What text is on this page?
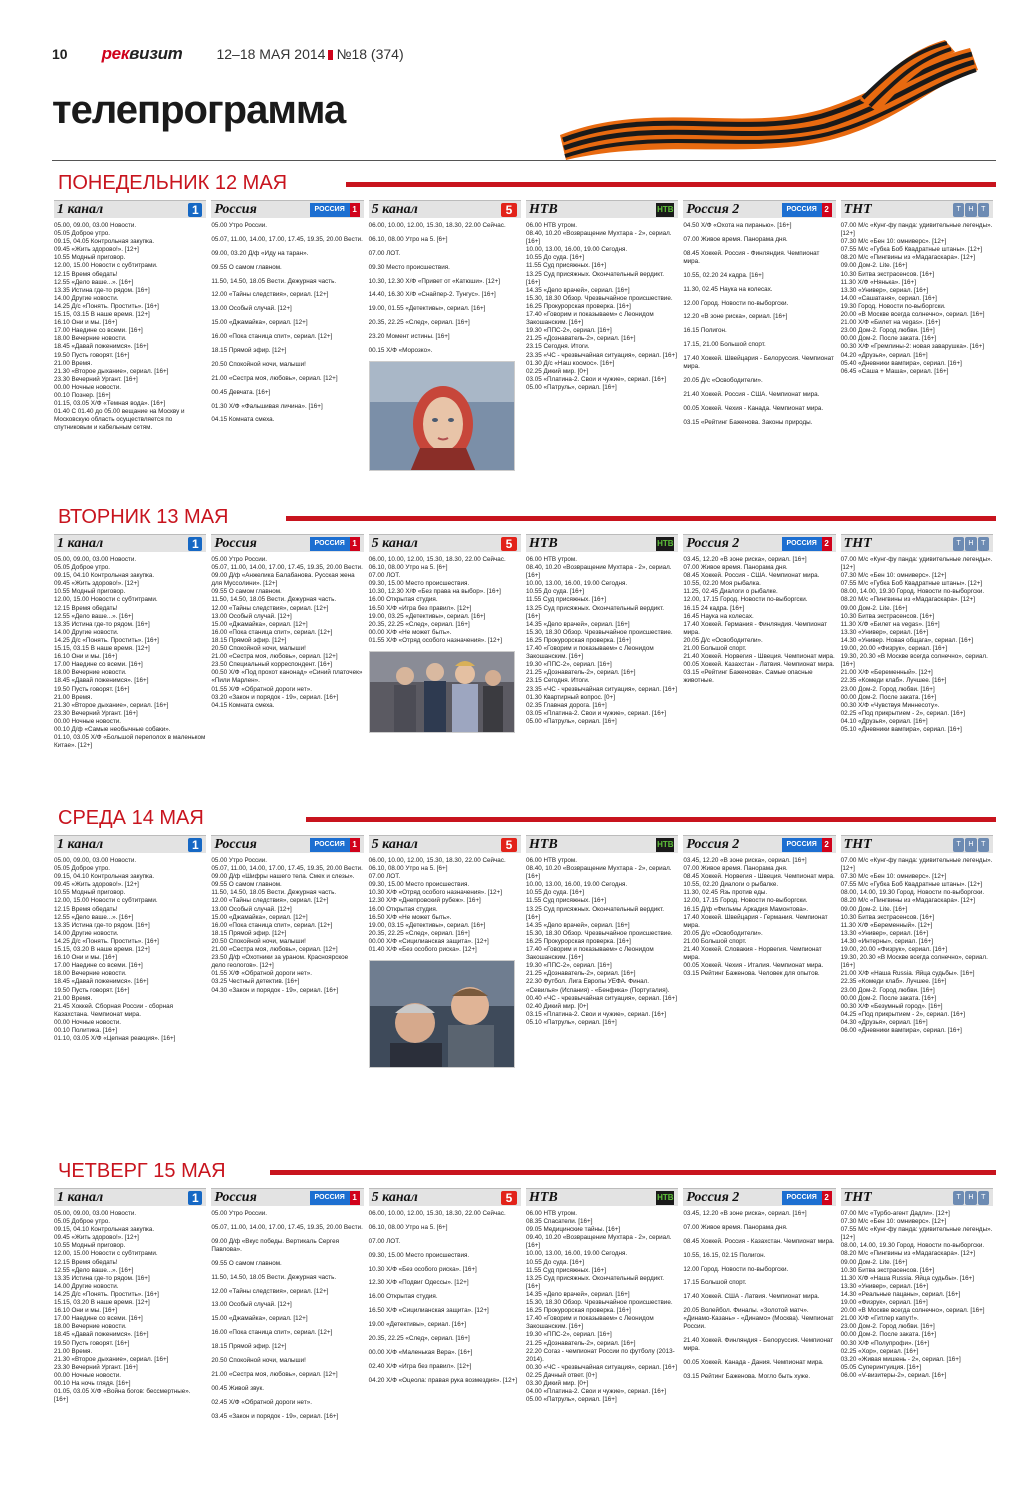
10 реквизит 12–18 МАЯ 2014 №18 (374)
телепрограмма
ПОНЕДЕЛЬНИК 12 МАЯ
1 канал	1
05.00, 09.00, 03.00 Новости.
05.05 Доброе утро.
09.15, 04.05 Контрольная закупка.
09.45 «Жить здорово!». [12+]
10.55 Модный приговор.
12.00, 15.00 Новости с субтитрами.
12.15 Время обедать!
12.55 «Дело ваше...». [16+]
13.35 Истина где-то рядом. [16+]
14.00 Другие новости.
14.25 Д/с «Понять. Простить». [16+]
15.15, 03.15 В наше время. [12+]
16.10 Они и мы. [16+]
17.00 Наедине со всеми. [16+]
18.00 Вечерние новости.
18.45 «Давай поженимся». [16+]
19.50 Пусть говорят. [16+]
21.00 Время.
21.30 «Второе дыхание», сериал. [16+]
23.30 Вечерний Ургант. [16+]
00.00 Ночные новости.
00.10 Познер. [16+]
01.15, 03.05 Х/Ф «Темная вода». [16+]
01.40 С 01.40 до 05.00 вещание на Москву и Московскую область осуществляется по спутниковым и кабельным сетям.
Россия	РОССИЯ 1
05.00 Утро России.
05.07, 11.00, 14.00, 17.00, 17.45, 19.35, 20.00 Вести.
09.00, 03.20 Д/ф «Иду на таран».
09.55 О самом главном.
11.50, 14.50, 18.05 Вести. Дежурная часть.
12.00 «Тайны следствия», сериал. [12+]
13.00 Особый случай. [12+]
15.00 «Джамайка», сериал. [12+]
16.00 «Пока станица спит», сериал. [12+]
18.15 Прямой эфир. [12+]
20.50 Спокойной ночи, малыши!
21.00 «Сестра моя, любовь», сериал. [12+]
00.45 Девчата. [16+]
01.30 Х/Ф «Фальшивая личина». [16+]
04.15 Комната смеха.
5 канал	5
06.00, 10.00, 12.00, 15.30, 18.30, 22.00 Сейчас.
06.10, 08.00 Утро на 5. [6+]
07.00 ЛОТ.
09.30 Место происшествия.
10.30, 12.30 Х/Ф «Привет от «Катюши». [12+]
14.40, 16.30 Х/Ф «Снайпер-2. Тунгус». [16+]
19.00, 01.55 «Детективы», сериал. [16+]
20.35, 22.25 «След», сериал. [16+]
23.20 Момент истины. [16+]
00.15 Х/Ф «Морозко».
НТВ	НТВ
06.00 НТВ утром.
08.40, 10.20 «Возвращение Мухтара - 2», сериал. [16+]
10.00, 13.00, 16.00, 19.00 Сегодня.
10.55 До суда. [16+]
11.55 Суд присяжных. [16+]
13.25 Суд присяжных. Окончательный вердикт. [16+]
14.35 «Дело врачей», сериал. [16+]
15.30, 18.30 Обзор. Чрезвычайное происшествие.
16.25 Прокурорская проверка. [16+]
17.40 «Говорим и показываем» с Леонидом Закошанским. [16+]
19.30 «ППС-2», сериал. [16+]
21.25 «Дознаватель-2», сериал. [16+]
23.15 Сегодня. Итоги.
23.35 «ЧС - чрезвычайная ситуация», сериал. [16+]
01.30 Д/с «Наш космос». [16+]
02.25 Дикий мир. [0+]
03.05 «Платина-2. Свои и чужие», сериал. [16+]
05.00 «Патруль», сериал. [16+]
Россия 2	РОССИЯ 2
04.50 Х/Ф «Охота на пиранью». [16+]
07.00 Живое время. Панорама дня.
08.45 Хоккей. Россия - Финляндия. Чемпионат мира.
10.55, 02.20 24 кадра. [16+]
11.30, 02.45 Наука на колесах.
12.00 Город. Новости по-выборгски.
12.20 «В зоне риска», сериал. [16+]
16.15 Полигон.
17.15, 21.00 Большой спорт.
17.40 Хоккей. Швейцария - Белоруссия. Чемпионат мира.
20.05 Д/с «Освободители».
21.40 Хоккей. Россия - США. Чемпионат мира.
00.05 Хоккей. Чехия - Канада. Чемпионат мира.
03.15 «Рейтинг Баженова. Законы природы.
ТНТ	Т	Н	Т
07.00 М/с «Кунг-фу панда: удивительные легенды». [12+]
07.30 М/с «Бен 10: омниверс». [12+]
07.55 М/с «Губка Боб Квадратные штаны». [12+]
08.20 М/с «Пингвины из «Мадагаскара». [12+]
09.00 Дом-2. Lite. [16+]
10.30 Битва экстрасенсов. [16+]
11.30 Х/Ф «Нянька». [16+]
13.30 «Универ», сериал. [16+]
14.00 «Сашатаня», сериал. [16+]
19.30 Город. Новости по-выборгски.
20.00 «В Москве всегда солнечно», сериал. [16+]
21.00 Х/Ф «Билет на vegas». [16+]
23.00 Дом-2. Город любви. [16+]
00.00 Дом-2. После заката. [16+]
00.30 Х/Ф «Гремлины-2: новая заварушка». [16+]
04.20 «Друзья», сериал. [16+]
05.40 «Дневники вампира», сериал. [16+]
06.45 «Саша + Маша», сериал. [16+]
ВТОРНИК 13 МАЯ
1 канал	1
05.00, 09.00, 03.00 Новости.
05.05 Доброе утро.
09.15, 04.10 Контрольная закупка.
09.45 «Жить здорово!». [12+]
10.55 Модный приговор.
12.00, 15.00 Новости с субтитрами.
12.15 Время обедать!
12.55 «Дело ваше...». [16+]
13.35 Истина где-то рядом. [16+]
14.00 Другие новости.
14.25 Д/с «Понять. Простить». [16+]
15.15, 03.15 В наше время. [12+]
16.10 Они и мы. [16+]
17.00 Наедине со всеми. [16+]
18.00 Вечерние новости.
18.45 «Давай поженимся». [16+]
19.50 Пусть говорят. [16+]
21.00 Время.
21.30 «Второе дыхание», сериал. [16+]
23.30 Вечерний Ургант. [16+]
00.00 Ночные новости.
00.10 Д/ф «Самые необычные собаки».
01.10, 03.05 Х/Ф «Большой переполох в маленьком Китае». [12+]
Россия	РОССИЯ 1
05.00 Утро России.
05.07, 11.00, 14.00, 17.00, 17.45, 19.35, 20.00 Вести.
09.00 Д/ф «Анжелика Балабанова. Русская жена для Муссолини». [12+]
09.55 О самом главном.
11.50, 14.50, 18.05 Вести. Дежурная часть.
12.00 «Тайны следствия», сериал. [12+]
13.00 Особый случай. [12+]
15.00 «Джамайка», сериал. [12+]
16.00 «Пока станица спит», сериал. [12+]
18.15 Прямой эфир. [12+]
20.50 Спокойной ночи, малыши!
21.00 «Сестра моя, любовь», сериал. [12+]
23.50 Специальный корреспондент. [16+]
00.50 Х/Ф «Под прохот канонад» «Синий платочек» «Пили Марлен».
01.55 Х/Ф «Обратной дороги нет».
03.20 «Закон и порядок - 19», сериал. [16+]
04.15 Комната смеха.
5 канал	5
06.00, 10.00, 12.00, 15.30, 18.30, 22.00 Сейчас.
06.10, 08.00 Утро на 5. [6+]
07.00 ЛОТ.
09.30, 15.00 Место происшествия.
10.30, 12.30 Х/Ф «Без права на выбор». [16+]
16.00 Открытая студия.
16.50 Х/Ф «Игра без правил». [12+]
19.00, 03.25 «Детективы», сериал. [16+]
20.35, 22.25 «След», сериал. [16+]
00.00 Х/Ф «Не может быть».
01.55 Х/Ф «Отряд особого назначения». [12+]
НТВ	НТВ
06.00 НТВ утром.
08.40, 10.20 «Возвращение Мухтара - 2», сериал. [16+]
10.00, 13.00, 16.00, 19.00 Сегодня.
10.55 До суда. [16+]
11.55 Суд присяжных. [16+]
13.25 Суд присяжных. Окончательный вердикт. [16+]
14.35 «Дело врачей», сериал. [16+]
15.30, 18.30 Обзор. Чрезвычайное происшествие.
16.25 Прокурорская проверка. [16+]
17.40 «Говорим и показываем» с Леонидом Закошанским. [16+]
19.30 «ППС-2», сериал. [16+]
21.25 «Дознаватель-2», сериал. [16+]
23.15 Сегодня. Итоги.
23.35 «ЧС - чрезвычайная ситуация», сериал. [16+]
01.30 Квартирный вопрос. [0+]
02.35 Главная дорога. [16+]
03.05 «Платина-2. Свои и чужие», сериал. [16+]
05.00 «Патруль», сериал. [16+]
Россия 2	РОССИЯ 2
03.45, 12.20 «В зоне риска», сериал. [16+]
07.00 Живое время. Панорама дня.
08.45 Хоккей. Россия - США. Чемпионат мира.
10.55, 02.20 Моя рыбалка.
11.25, 02.45 Диалоги о рыбалке.
12.00, 17.15 Город. Новости по-выборгски.
16.15 24 кадра. [16+]
16.45 Наука на колесах.
17.40 Хоккей. Германия - Финляндия. Чемпионат мира.
20.05 Д/с «Освободители».
21.00 Большой спорт.
21.40 Хоккей. Норвегия - Швеция. Чемпионат мира.
00.05 Хоккей. Казахстан - Латвия. Чемпионат мира.
03.15 «Рейтинг Баженова». Самые опасные животные.
ТНТ	Т	Н	Т
07.00 М/с «Кунг-фу панда: удивительные легенды». [12+]
07.30 М/с «Бен 10: омниверс». [12+]
07.55 М/с «Губка Боб Квадратные штаны». [12+]
08.00, 14.00, 19.30 Город. Новости по-выборгски.
08.20 М/с «Пингвины из «Мадагаскара». [12+]
09.00 Дом-2. Lite. [16+]
10.30 Битва экстрасенсов. [16+]
11.30 Х/Ф «Билет на vegas». [16+]
13.30 «Универ», сериал. [16+]
14.30 «Универ. Новая общага», сериал. [16+]
19.00, 20.00 «Физрук», сериал. [16+]
19.30, 20.30 «В Москве всегда солнечно», сериал. [16+]
21.00 Х/Ф «Беременный». [12+]
22.35 «Комеди клаб». Лучшее. [16+]
23.00 Дом-2. Город любви. [16+]
00.00 Дом-2. После заката. [16+]
00.30 Х/Ф «Чувствуя Миннесоту».
02.25 «Под прикрытием - 2», сериал. [16+]
04.10 «Друзья», сериал. [16+]
05.10 «Дневники вампира», сериал. [16+]
СРЕДА 14 МАЯ
1 канал	1
05.00, 09.00, 03.00 Новости.
05.05 Доброе утро.
09.15, 04.10 Контрольная закупка.
09.45 «Жить здорово!». [12+]
10.55 Модный приговор.
12.00, 15.00 Новости с субтитрами.
12.15 Время обедать!
12.55 «Дело ваше...». [16+]
13.35 Истина где-то рядом. [16+]
14.00 Другие новости.
14.25 Д/с «Понять. Простить». [16+]
15.15, 03.20 В наше время. [12+]
16.10 Они и мы. [16+]
17.00 Наедине со всеми. [16+]
18.00 Вечерние новости.
18.45 «Давай поженимся». [16+]
19.50 Пусть говорят. [16+]
21.00 Время.
21.45 Хоккей. Сборная России - сборная Казахстана. Чемпионат мира.
00.00 Ночные новости.
00.10 Политика. [16+]
01.10, 03.05 Х/Ф «Цепная реакция». [16+]
Россия	РОССИЯ 1
05.00 Утро России.
05.07, 11.00, 14.00, 17.00, 17.45, 19.35, 20.00 Вести.
09.00 Д/ф «Шифры нашего тела. Смех и слезы».
09.55 О самом главном.
11.50, 14.50, 18.05 Вести. Дежурная часть.
12.00 «Тайны следствия», сериал. [12+]
13.00 Особый случай. [12+]
15.00 «Джамайка», сериал. [12+]
16.00 «Пока станица спит», сериал. [12+]
18.15 Прямой эфир. [12+]
20.50 Спокойной ночи, малыши!
21.00 «Сестра моя, любовь», сериал. [12+]
23.50 Д/ф «Охотники за ураном. Красноярское дело геологов». [12+]
01.55 Х/Ф «Обратной дороги нет».
03.25 Честный детектив. [16+]
04.30 «Закон и порядок - 19», сериал. [16+]
5 канал	5
06.00, 10.00, 12.00, 15.30, 18.30, 22.00 Сейчас.
06.10, 08.00 Утро на 5. [6+]
07.00 ЛОТ.
09.30, 15.00 Место происшествия.
10.30 Х/Ф «Отряд особого назначения». [12+]
12.30 Х/Ф «Днепровский рубеж». [16+]
16.00 Открытая студия.
16.50 Х/Ф «Не может быть».
19.00, 03.15 «Детективы», сериал. [16+]
20.35, 22.25 «След», сериал. [16+]
00.00 Х/Ф «Сицилианская защита». [12+]
01.40 Х/Ф «Без особого риска». [12+]
НТВ	НТВ
06.00 НТВ утром.
08.40, 10.20 «Возвращение Мухтара - 2», сериал. [16+]
10.00, 13.00, 16.00, 19.00 Сегодня.
10.55 До суда. [16+]
11.55 Суд присяжных. [16+]
13.25 Суд присяжных. Окончательный вердикт. [16+]
14.35 «Дело врачей», сериал. [16+]
15.30, 18.30 Обзор. Чрезвычайное происшествие.
16.25 Прокурорская проверка. [16+]
17.40 «Говорим и показываем» с Леонидом Закошанским. [16+]
19.30 «ППС-2», сериал. [16+]
21.25 «Дознаватель-2», сериал. [16+]
22.30 Футбол. Лига Европы УЕФА. Финал. «Севилья» (Испания) - «Бенфика» (Португалия).
00.40 «ЧС - чрезвычайная ситуация», сериал. [16+]
02.40 Дикий мир. [0+]
03.15 «Платина-2. Свои и чужие», сериал. [16+]
05.10 «Патруль», сериал. [16+]
Россия 2	РОССИЯ 2
03.45, 12.20 «В зоне риска», сериал. [16+]
07.00 Живое время. Панорама дня.
08.45 Хоккей. Норвегия - Швеция. Чемпионат мира.
10.55, 02.20 Диалоги о рыбалке.
11.30, 02.45 Язь против еды.
12.00, 17.15 Город. Новости по-выборгски.
16.15 Д/ф «Фильмы Аркадия Мамонтова».
17.40 Хоккей. Швейцария - Германия. Чемпионат мира.
20.05 Д/с «Освободители».
21.00 Большой спорт.
21.40 Хоккей. Словакия - Норвегия. Чемпионат мира.
00.05 Хоккей. Чехия - Италия. Чемпионат мира.
03.15 Рейтинг Баженова. Человек для опытов.
ТНТ	Т	Н	Т
07.00 М/с «Кунг-фу панда: удивительные легенды». [12+]
07.30 М/с «Бен 10: омниверс». [12+]
07.55 М/с «Губка Боб Квадратные штаны». [12+]
08.00, 14.00, 19.30 Город. Новости по-выборгски.
08.20 М/с «Пингвины из «Мадагаскара». [12+]
09.00 Дом-2. Lite. [16+]
10.30 Битва экстрасенсов. [16+]
11.30 Х/Ф «Беременный». [12+]
13.30 «Универ», сериал. [16+]
14.30 «Интерны», сериал. [16+]
19.00, 20.00 «Физрук», сериал. [16+]
19.30, 20.30 «В Москве всегда солнечно», сериал. [16+]
21.00 Х/Ф «Наша Russia. Яйца судьбы». [16+]
22.35 «Комеди клаб». Лучшее. [16+]
23.00 Дом-2. Город любви. [16+]
00.00 Дом-2. После заката. [16+]
00.30 Х/Ф «Безумный город». [16+]
04.25 «Под прикрытием - 2», сериал. [16+]
04.30 «Друзья», сериал. [16+]
06.00 «Дневники вампира», сериал. [16+]
ЧЕТВЕРГ 15 МАЯ
1 канал	1
05.00, 09.00, 03.00 Новости.
05.05 Доброе утро.
09.15, 04.10 Контрольная закупка.
09.45 «Жить здорово!». [12+]
10.55 Модный приговор.
12.00, 15.00 Новости с субтитрами.
12.15 Время обедать!
12.55 «Дело ваше...». [16+]
13.35 Истина где-то рядом. [16+]
14.00 Другие новости.
14.25 Д/с «Понять. Простить». [16+]
15.15, 03.20 В наше время. [12+]
16.10 Они и мы. [16+]
17.00 Наедине со всеми. [16+]
18.00 Вечерние новости.
18.45 «Давай поженимся». [16+]
19.50 Пусть говорят. [16+]
21.00 Время.
21.30 «Второе дыхание», сериал. [16+]
23.30 Вечерний Ургант. [16+]
00.00 Ночные новости.
00.10 На ночь глядя. [16+]
01.05, 03.05 Х/Ф «Война богов: бессмертные». [16+]
Россия	РОССИЯ 1
05.00 Утро России.
05.07, 11.00, 14.00, 17.00, 17.45, 19.35, 20.00 Вести.
09.00 Д/ф «Вкус победы. Вертикаль Сергея Павлова».
09.55 О самом главном.
11.50, 14.50, 18.05 Вести. Дежурная часть.
12.00 «Тайны следствия», сериал. [12+]
13.00 Особый случай. [12+]
15.00 «Джамайка», сериал. [12+]
16.00 «Пока станица спит», сериал. [12+]
18.15 Прямой эфир. [12+]
20.50 Спокойной ночи, малыши!
21.00 «Сестра моя, любовь», сериал. [12+]
00.45 Живой звук.
02.45 Х/Ф «Обратной дороги нет».
03.45 «Закон и порядок - 19», сериал. [16+]
5 канал	5
06.00, 10.00, 12.00, 15.30, 18.30, 22.00 Сейчас.
06.10, 08.00 Утро на 5. [6+]
07.00 ЛОТ.
09.30, 15.00 Место происшествия.
10.30 Х/Ф «Без особого риска». [16+]
12.30 Х/Ф «Подвиг Одессы». [12+]
16.00 Открытая студия.
16.50 Х/Ф «Сицилианская защита». [12+]
19.00 «Детективы», сериал. [16+]
20.35, 22.25 «След», сериал. [16+]
00.00 Х/Ф «Маленькая Вера». [16+]
02.40 Х/Ф «Игра без правил». [12+]
04.20 Х/Ф «Оцеола: правая рука возмездия». [12+]
НТВ	НТВ
06.00 НТВ утром.
08.35 Спасатели. [16+]
09.05 Медицинские тайны. [16+]
09.40, 10.20 «Возвращение Мухтара - 2», сериал. [16+]
10.00, 13.00, 16.00, 19.00 Сегодня.
10.55 До суда. [16+]
11.55 Суд присяжных. [16+]
13.25 Суд присяжных. Окончательный вердикт. [16+]
14.35 «Дело врачей», сериал. [16+]
15.30, 18.30 Обзор. Чрезвычайное происшествие.
16.25 Прокурорская проверка. [16+]
17.40 «Говорим и показываем» с Леонидом Закошанским. [16+]
19.30 «ППС-2», сериал. [16+]
21.25 «Дознаватель-2», сериал. [16+]
22.20 Согаз - чемпионат России по футболу (2013-2014).
00.30 «ЧС - чрезвычайная ситуация», сериал. [16+]
02.25 Дачный ответ. [0+]
03.30 Дикий мир. [0+]
04.00 «Платина-2. Свои и чужие», сериал. [16+]
05.00 «Патруль», сериал. [16+]
Россия 2	РОССИЯ 2
03.45, 12.20 «В зоне риска», сериал. [16+]
07.00 Живое время. Панорама дня.
08.45 Хоккей. Россия - Казахстан. Чемпионат мира.
10.55, 16.15, 02.15 Полигон.
12.00 Город. Новости по-выборгски.
17.15 Большой спорт.
17.40 Хоккей. США - Латвия. Чемпионат мира.
20.05 Волейбол. Финалы. «Золотой матч». «Динамо-Казань» - «Динамо» (Москва). Чемпионат России.
21.40 Хоккей. Финляндия - Белоруссия. Чемпионат мира.
00.05 Хоккей. Канада - Дания. Чемпионат мира.
03.15 Рейтинг Баженова. Могло быть хуже.
ТНТ	Т	Н	Т
07.00 М/с «Турбо-агент Дадли». [12+]
07.30 М/с «Бен 10: омниверс». [12+]
07.55 М/с «Кунг-фу панда: удивительные легенды». [12+]
08.00, 14.00, 19.30 Город. Новости по-выборгски.
08.20 М/с «Пингвины из «Мадагаскара». [12+]
09.00 Дом-2. Lite. [16+]
10.30 Битва экстрасенсов. [16+]
11.30 Х/Ф «Наша Russia. Яйца судьбы». [16+]
13.30 «Универ», сериал. [16+]
14.30 «Реальные пацаны», сериал. [16+]
19.00 «Физрук», сериал. [16+]
20.00 «В Москве всегда солнечно», сериал. [16+]
21.00 Х/Ф «Гитлер капут!».
23.00 Дом-2. Город любви. [16+]
00.00 Дом-2. После заката. [16+]
00.30 Х/Ф «Полупрофи». [16+]
02.25 «Хор», сериал. [16+]
03.20 «Живая мишень - 2», сериал. [16+]
05.05 Суперинтуиция. [16+]
06.00 «V-визитеры-2», сериал. [16+]
